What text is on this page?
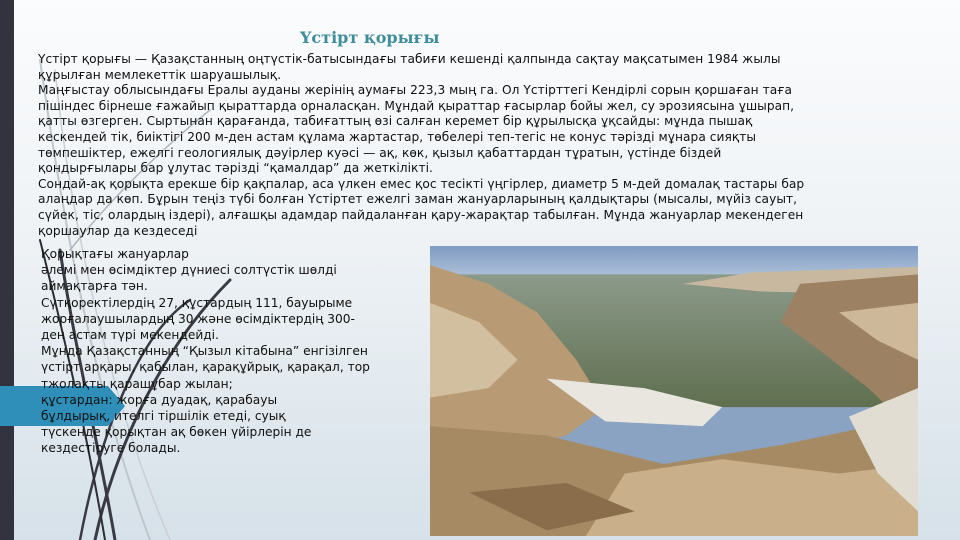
Үстірт қорығы
Үстірт қорығы — Қазақстанның оңтүстік-батысындағы табиғи кешенді қалпында сақтау мақсатымен 1984 жылы
құрылған мемлекеттік шаруашылық.
Маңғыстау облысындағы Ералы ауданы жерінің аумағы 223,3 мың га. Ол Үстірттегі Кендірлі сорын қоршаған таға
пішіндес бірнеше ғажайып қыраттарда орналасқан. Мұндай қыраттар ғасырлар бойы жел, су эрозиясына ұшырап,
қатты өзгерген. Сыртынан қарағанда, табиғаттың өзі салған керемет бір құрылысқа ұқсайды: мұнда пышақ
кескендей тік, биіктігі 200 м-ден астам құлама жартастар, төбелері теп-тегіс не конус тәрізді мұнара сияқты
төмпешіктер, ежелгі геологиялық дәуірлер куәсі — ақ, көк, қызыл қабаттардан тұратын, үстінде біздей
қондырғылары бар ұлутас тәрізді “қамалдар” да жеткілікті.
Сондай-ақ қорықта ерекше бір қақпалар, аса үлкен емес қос тесікті үңгірлер, диаметр 5 м-дей домалақ тастары бар
алаңдар да көп. Бұрын теңіз түбі болған Үстіртет ежелгі заман жануарларының қалдықтары (мысалы, мүйіз сауыт,
сүйек, тіс, олардың іздері), алғашқы адамдар пайдаланған қару-жарақтар табылған. Мұнда жануарлар мекендеген
қоршаулар да кездеседі
Қорықтағы жануарлар
әлемі мен өсімдіктер дүниесі солтүстік шөлді
аймақтарға тән.
Сүтқоректілердің 27, құстардың 111, бауырыме
жорғалаушылардың 30 және өсімдіктердің 300-
ден астам түрі мекендейді.
Мұнда Қазақстанның “Қызыл кітабына” енгізілген
үстірт арқары, қабылан, қарақұйрық, қарақал, тор
тжолақты қарашұбар жылан;
құстардан: жорға дуадақ, қарабауы
бұлдырық, ителгі тіршілік етеді, суық
түскенде қорықтан ақ бөкен үйірлерін де
кездестіруге болады.
